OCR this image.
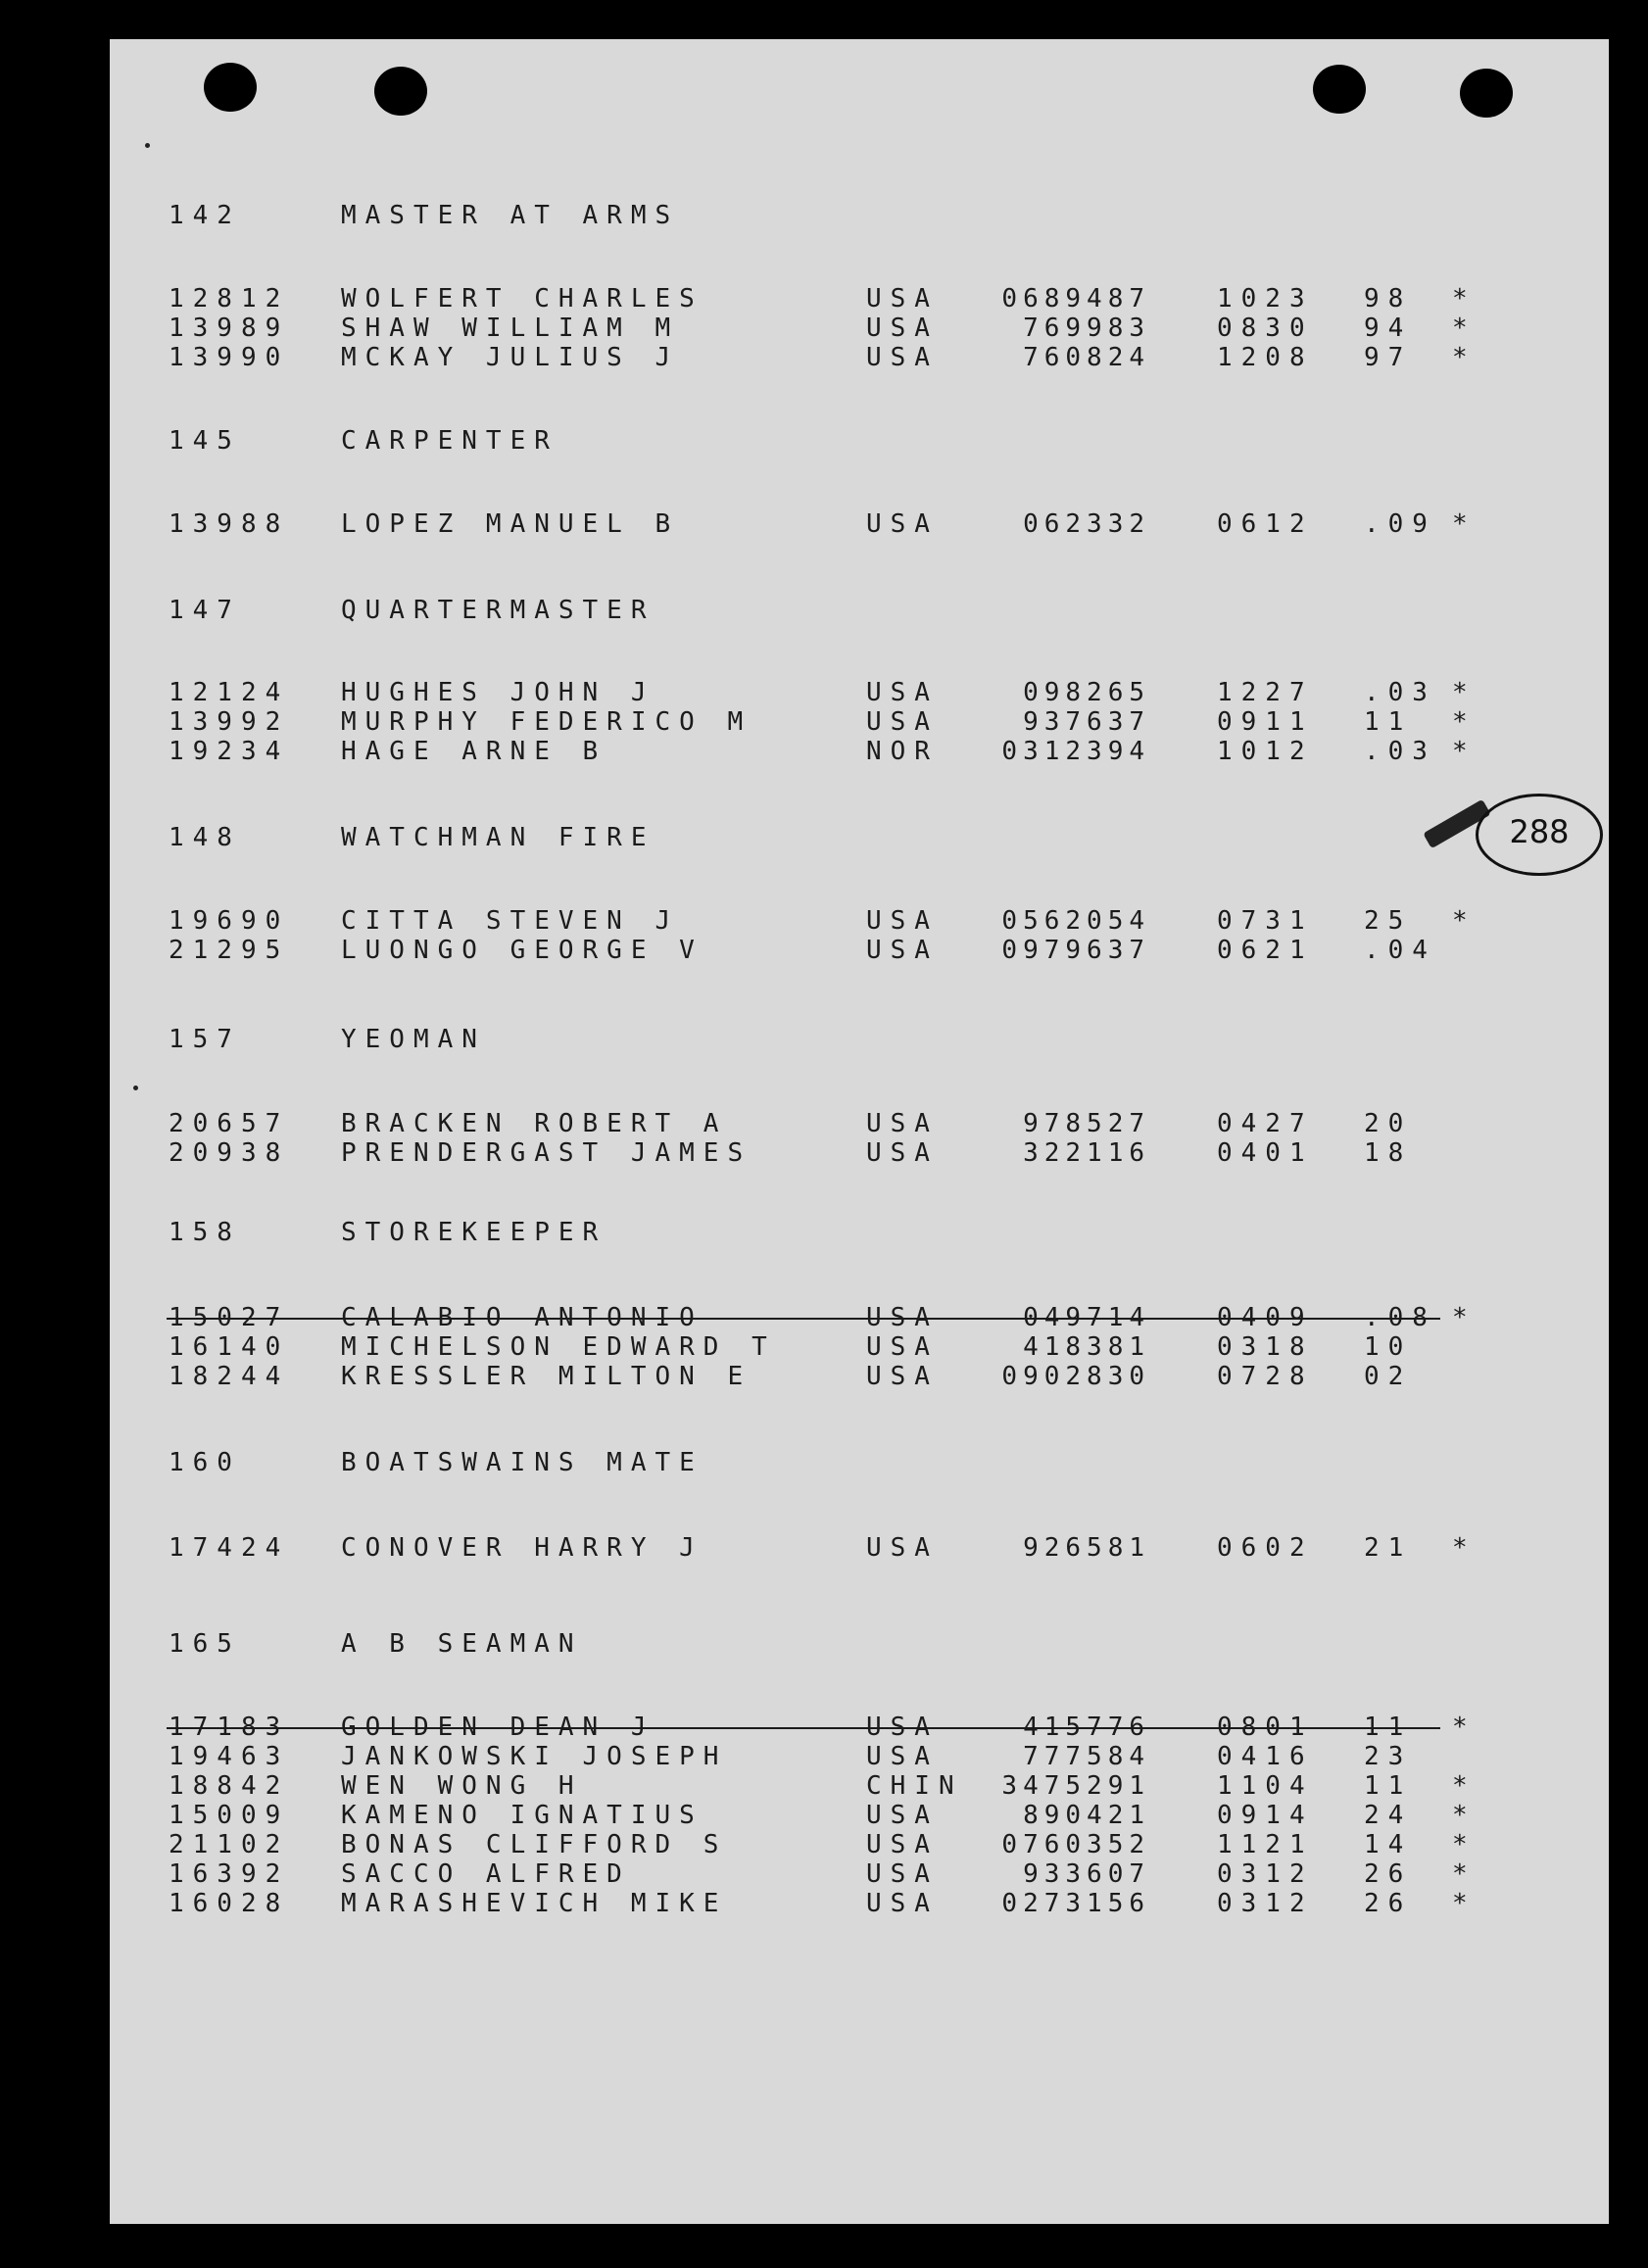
142	MASTER AT ARMS
12812 WOLFERT CHARLES	USA	0689487	1023 98 *
13989 SHAW WILLIAM M	USA	769983	0830 94 *
13990 MCKAY JULIUS J	USA	760824	1208 97 *
145	CARPENTER
13988 LOPEZ MANUEL B	USA	062332	0612 .09 *
147	QUARTERMASTER
12124 HUGHES JOHN J	USA	098265	1227 .03 *
13992 MURPHY FEDERICO M	USA	937637	0911 11 *
19234 HAGE ARNE B	NOR	0312394	1012 .03 *
148	WATCHMAN FIRE
19690 CITTA STEVEN J	USA	0562054	0731 25 *
21295 LUONGO GEORGE V	USA	0979637	0621 .04
157	YEOMAN
20657 BRACKEN ROBERT A	USA	978527	0427 20
20938 PRENDERGAST JAMES	USA	322116	0401 18
158	STOREKEEPER
15027 CALABIO ANTONIO	USA	049714	0409 .08 *
16140 MICHELSON EDWARD T	USA	418381	0318 10
18244 KRESSLER MILTON E	USA	0902830	0728 02
160	BOATSWAINS MATE
17424 CONOVER HARRY J	USA	926581	0602 21 *
165	A B SEAMAN
17183 GOLDEN DEAN J	USA	415776	0801 11 *
19463 JANKOWSKI JOSEPH	USA	777584	0416 23
18842 WEN WONG H	CHIN	3475291	1104 11 *
15009 KAMENO IGNATIUS	USA	890421	0914 24 *
21102 BONAS CLIFFORD S	USA	0760352	1121 14 *
16392 SACCO ALFRED	USA	933607	0312 26 *
16028 MARASHEVICH MIKE	USA	0273156	0312 26 *
288
